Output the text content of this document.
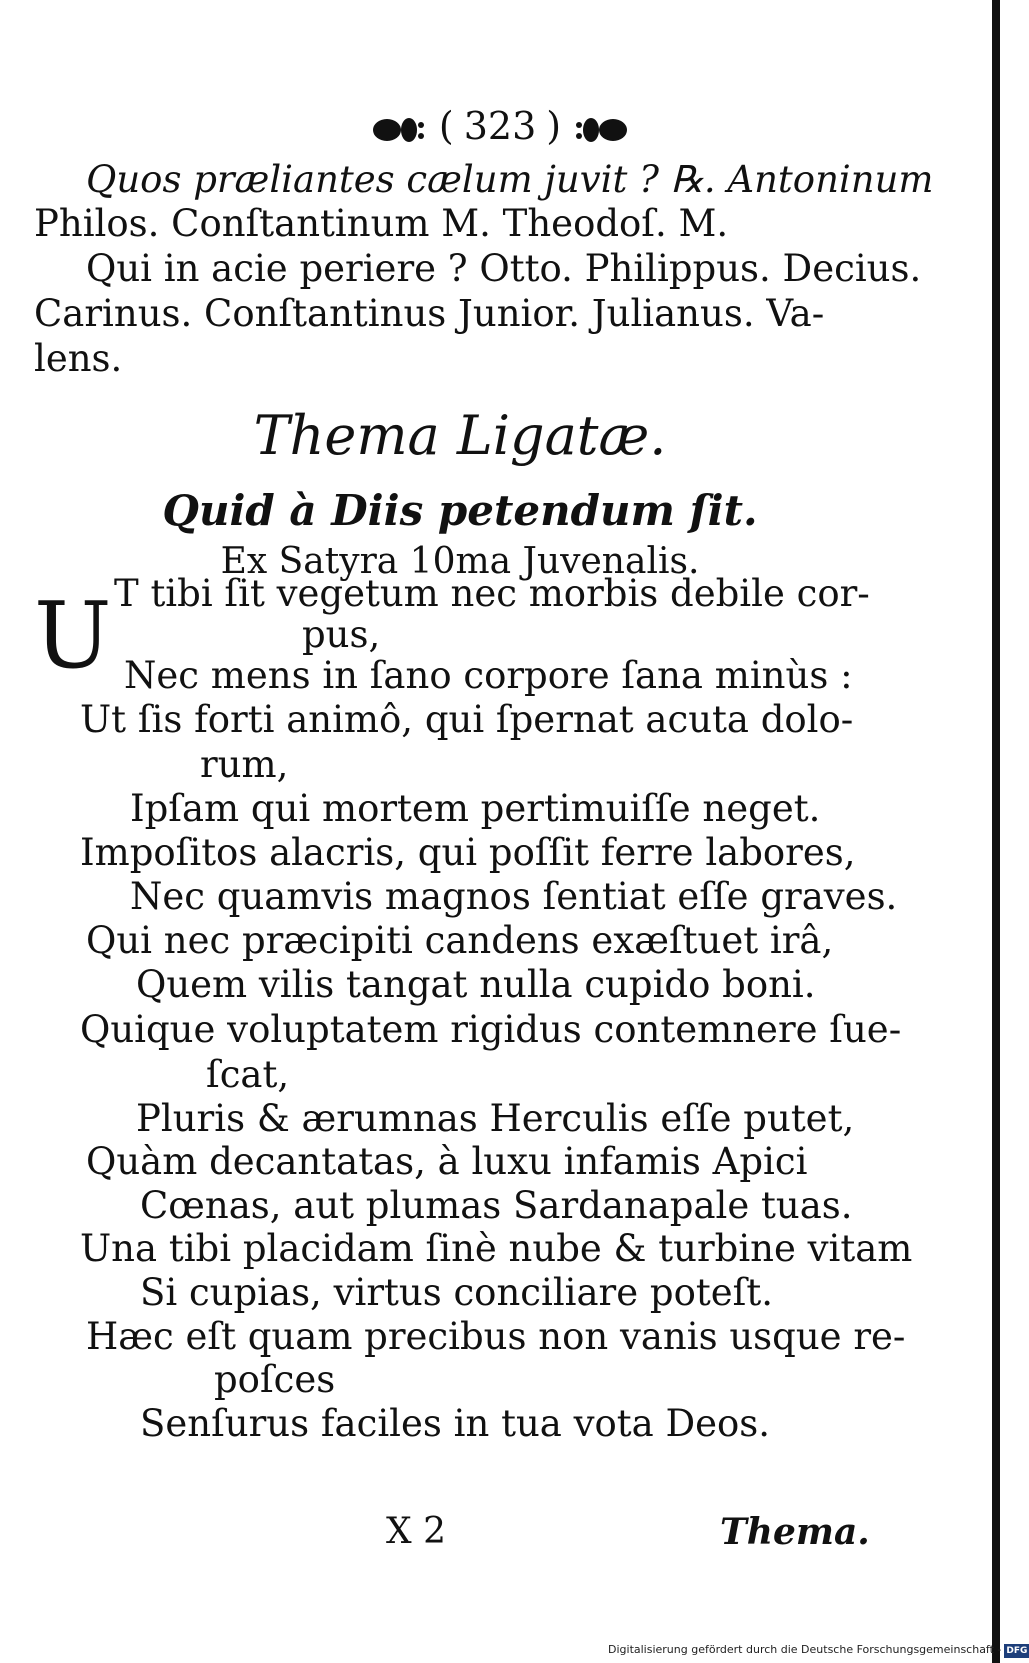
( 323 )
Quos prӕliantes cӕlum juvit ? ℞. Antoninum
Philos. Conſtantinum M. Theodoſ. M.
Qui in acie periere ? Otto. Philippus. Decius.
Carinus. Conſtantinus Junior. Julianus. Va-
lens.
Thema Ligatӕ.
Quid à Diis petendum ſit.
Ex Satyra 10ma Juvenalis.
U T tibi ſit vegetum nec morbis debile cor-
pus,
Nec mens in ſano corpore ſana minùs :
Ut ſis forti animô, qui ſpernat acuta dolo-
rum,
Ipſam qui mortem pertimuiſſe neget.
Impoſitos alacris, qui poſſit ferre labores,
Nec quamvis magnos ſentiat eſſe graves.
Qui nec prӕcipiti candens exӕſtuet irâ,
Quem vilis tangat nulla cupido boni.
Quique voluptatem rigidus contemnere ſue-
ſcat,
Pluris & ӕrumnas Herculis eſſe putet,
Quàm decantatas, à luxu infamis Apici
Cœnas, aut plumas Sardanapale tuas.
Una tibi placidam ſinè nube & turbine vitam
Si cupias, virtus conciliare poteſt.
Hӕc eſt quam precibus non vanis usque re-
poſces
Senſurus faciles in tua vota Deos.
X 2	Thema.
Digitalisierung gefördert durch die Deutsche Forschungsgemeinschaft - DFG
